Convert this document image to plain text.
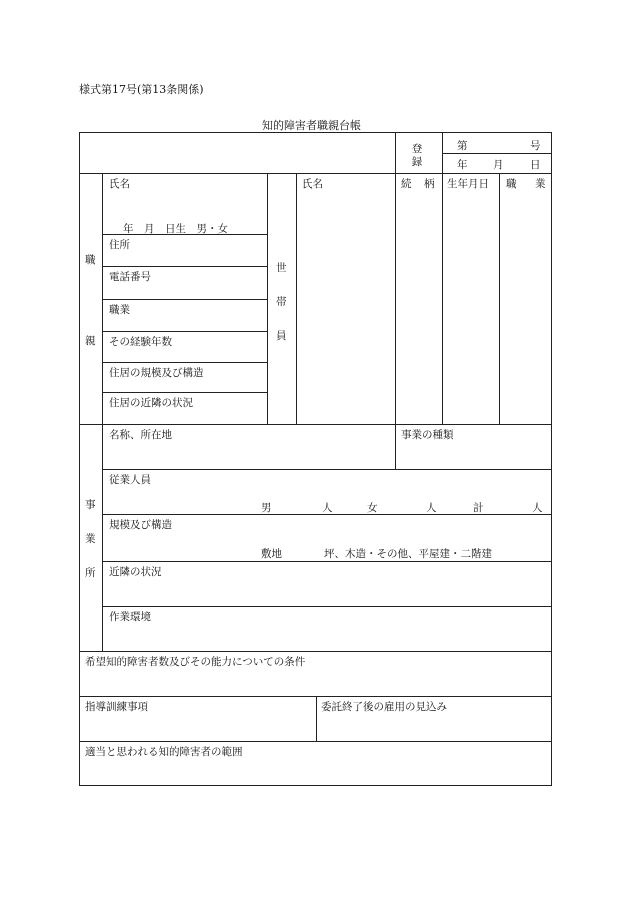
様式第17号(第13条関係)
知的障害者職親台帳
登録
第	号
年 月	日
職
親
氏名
年　月　日生　男・女
住所
電話番号
職業
その経験年数
住居の規模及び構造
住居の近隣の状況
世
帯
員
氏名	続 柄 生年月日 職 業
事
業
所
名称、所在地	事業の種類
従業人員
男	人	女	人	計	人
規模及び構造
敷地　　　　坪、木造・その他、平屋建・二階建
近隣の状況
作業環境
希望知的障害者数及びその能力についての条件
指導訓練事項	委託終了後の雇用の見込み
適当と思われる知的障害者の範囲
